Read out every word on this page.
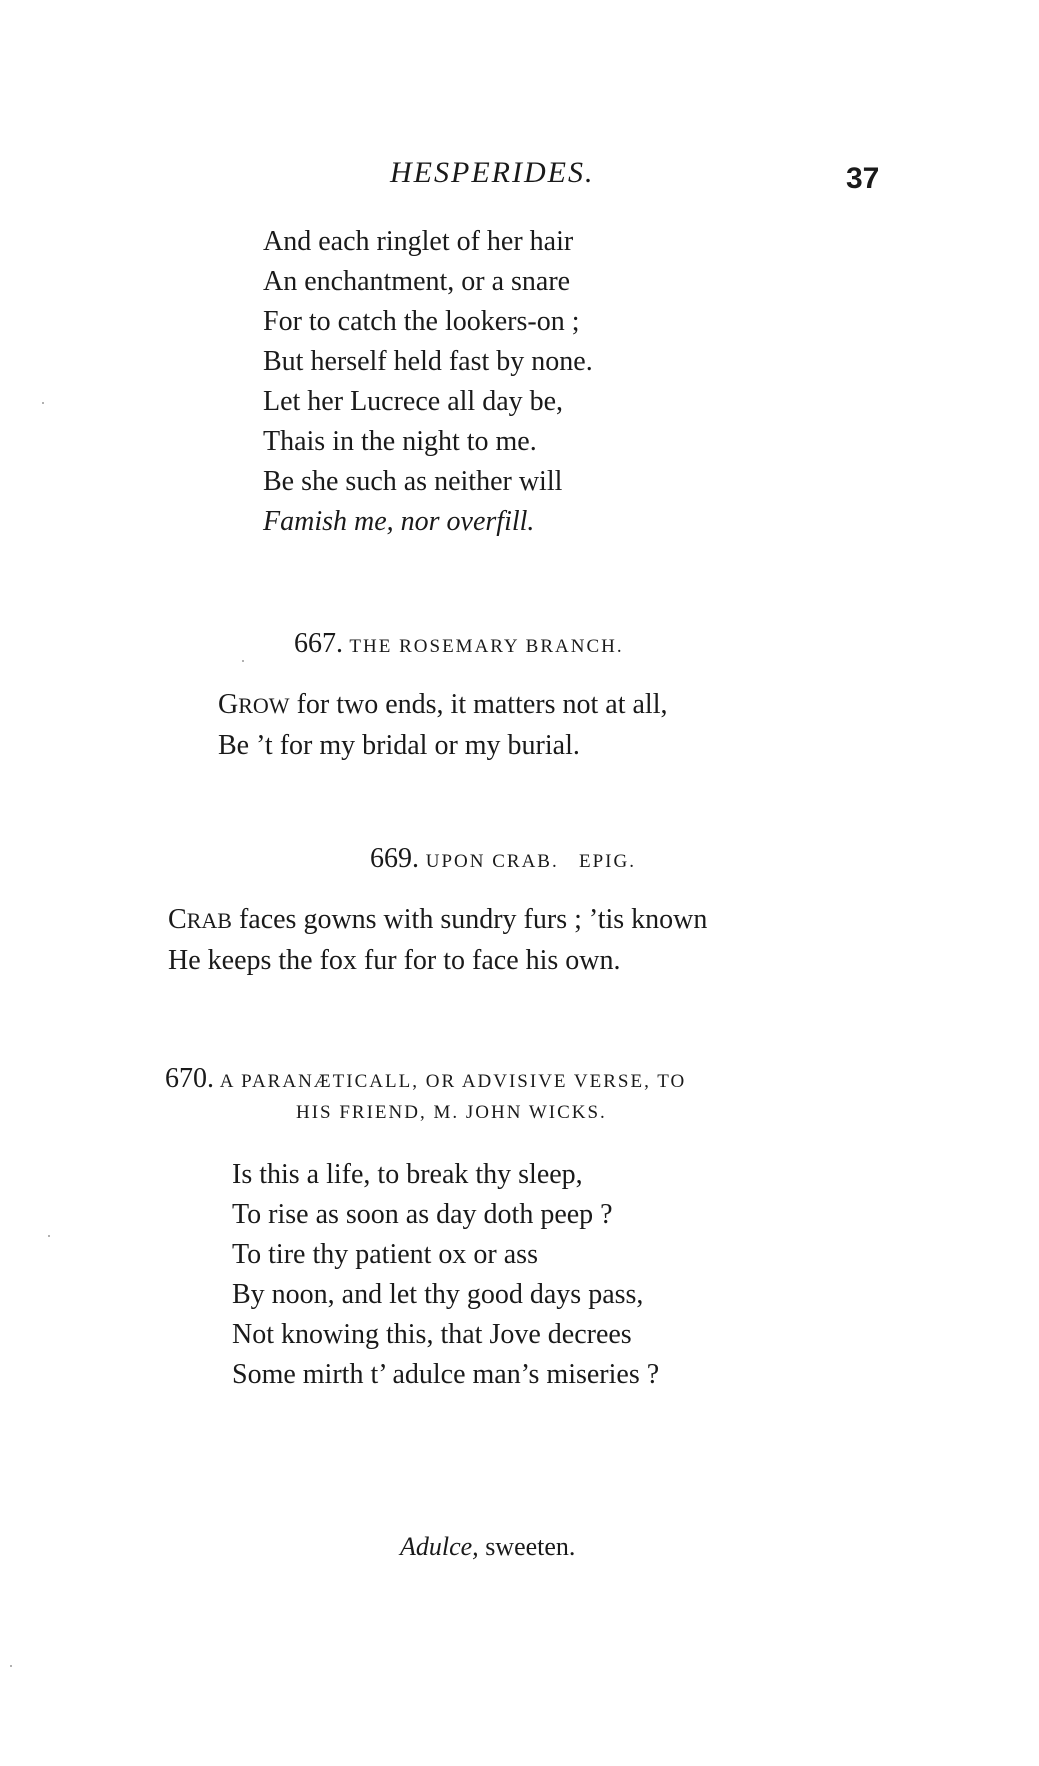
HESPERIDES.	37
And each ringlet of her hair
An enchantment, or a snare
For to catch the lookers-on ;
But herself held fast by none.
Let her Lucrece all day be,
Thais in the night to me.
Be she such as neither will
Famish me, nor overfill.
667. THE ROSEMARY BRANCH.
GROW for two ends, it matters not at all,
Be ’t for my bridal or my burial.
669. UPON CRAB.   EPIG.
CRAB faces gowns with sundry furs ; ’tis known
He keeps the fox fur for to face his own.
670. A PARANÆTICALL, OR ADVISIVE VERSE, TO
HIS FRIEND, M. JOHN WICKS.
Is this a life, to break thy sleep,
To rise as soon as day doth peep ?
To tire thy patient ox or ass
By noon, and let thy good days pass,
Not knowing this, that Jove decrees
Some mirth t’ adulce man’s miseries ?
Adulce, sweeten.
